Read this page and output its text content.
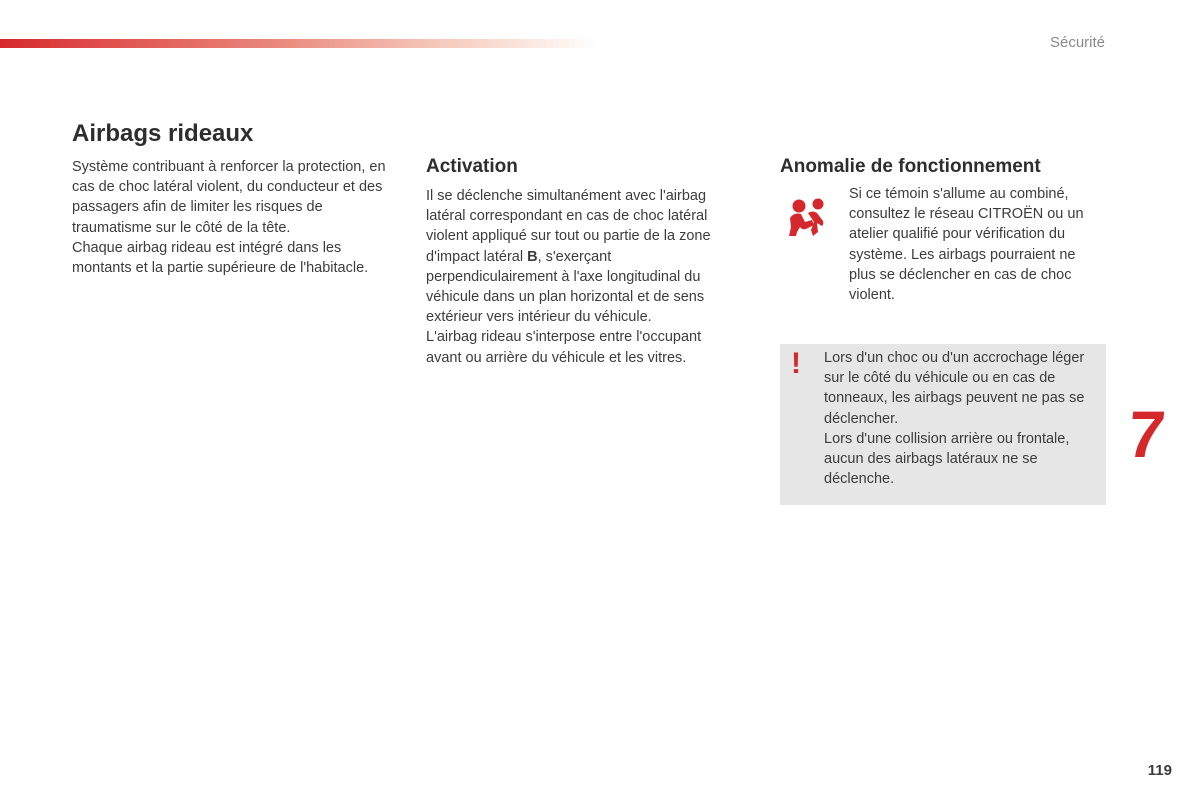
Sécurité
Airbags rideaux

Système contribuant à renforcer la protection, en cas de choc latéral violent, du conducteur et des passagers afin de limiter les risques de traumatisme sur le côté de la tête.

Chaque airbag rideau est intégré dans les montants et la partie supérieure de l'habitacle.

Activation

Il se déclenche simultanément avec l'airbag latéral correspondant en cas de choc latéral violent appliqué sur tout ou partie de la zone d'impact latéral B, s'exerçant perpendiculairement à l'axe longitudinal du véhicule dans un plan horizontal et de sens extérieur vers intérieur du véhicule.

L'airbag rideau s'interpose entre l'occupant avant ou arrière du véhicule et les vitres.

Anomalie de fonctionnement
Si ce témoin s'allume au combiné, consultez le réseau CITROËN ou un atelier qualifié pour vérification du système. Les airbags pourraient ne plus se déclencher en cas de choc violent.
! Lors d'un choc ou d'un accrochage léger sur le côté du véhicule ou en cas de tonneaux, les airbags peuvent ne pas se déclencher.

Lors d'une collision arrière ou frontale, aucun des airbags latéraux ne se déclenche.

7
119
